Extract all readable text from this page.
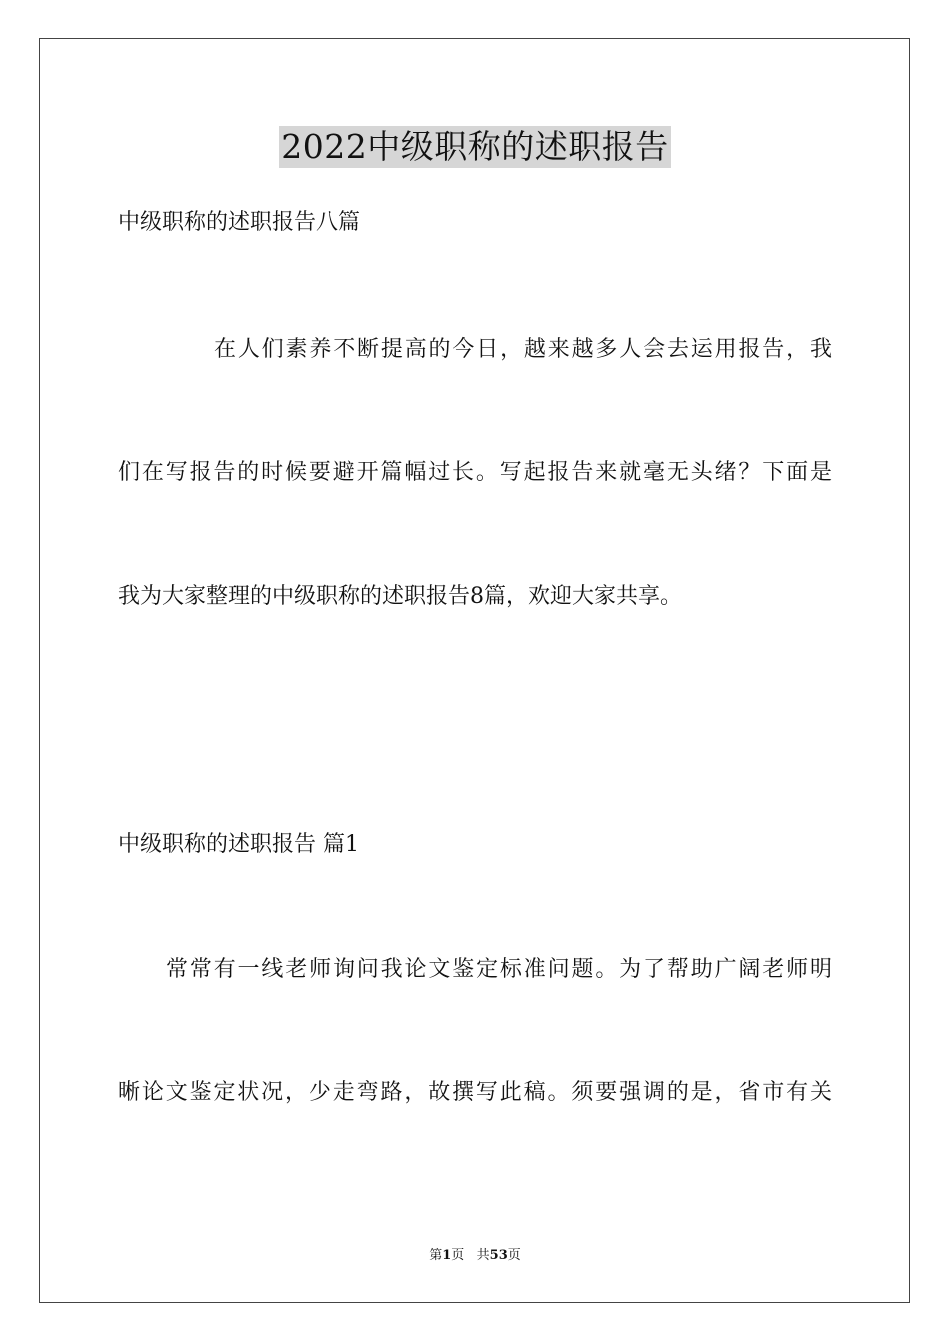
2022中级职称的述职报告
中级职称的述职报告八篇
在人们素养不断提高的今日，越来越多人会去运用报告，我
们在写报告的时候要避开篇幅过长。写起报告来就毫无头绪？下面是
我为大家整理的中级职称的述职报告8篇，欢迎大家共享。
中级职称的述职报告 篇1
常常有一线老师询问我论文鉴定标准问题。为了帮助广阔老师明
晰论文鉴定状况，少走弯路，故撰写此稿。须要强调的是，省市有关
第1页   共53页
